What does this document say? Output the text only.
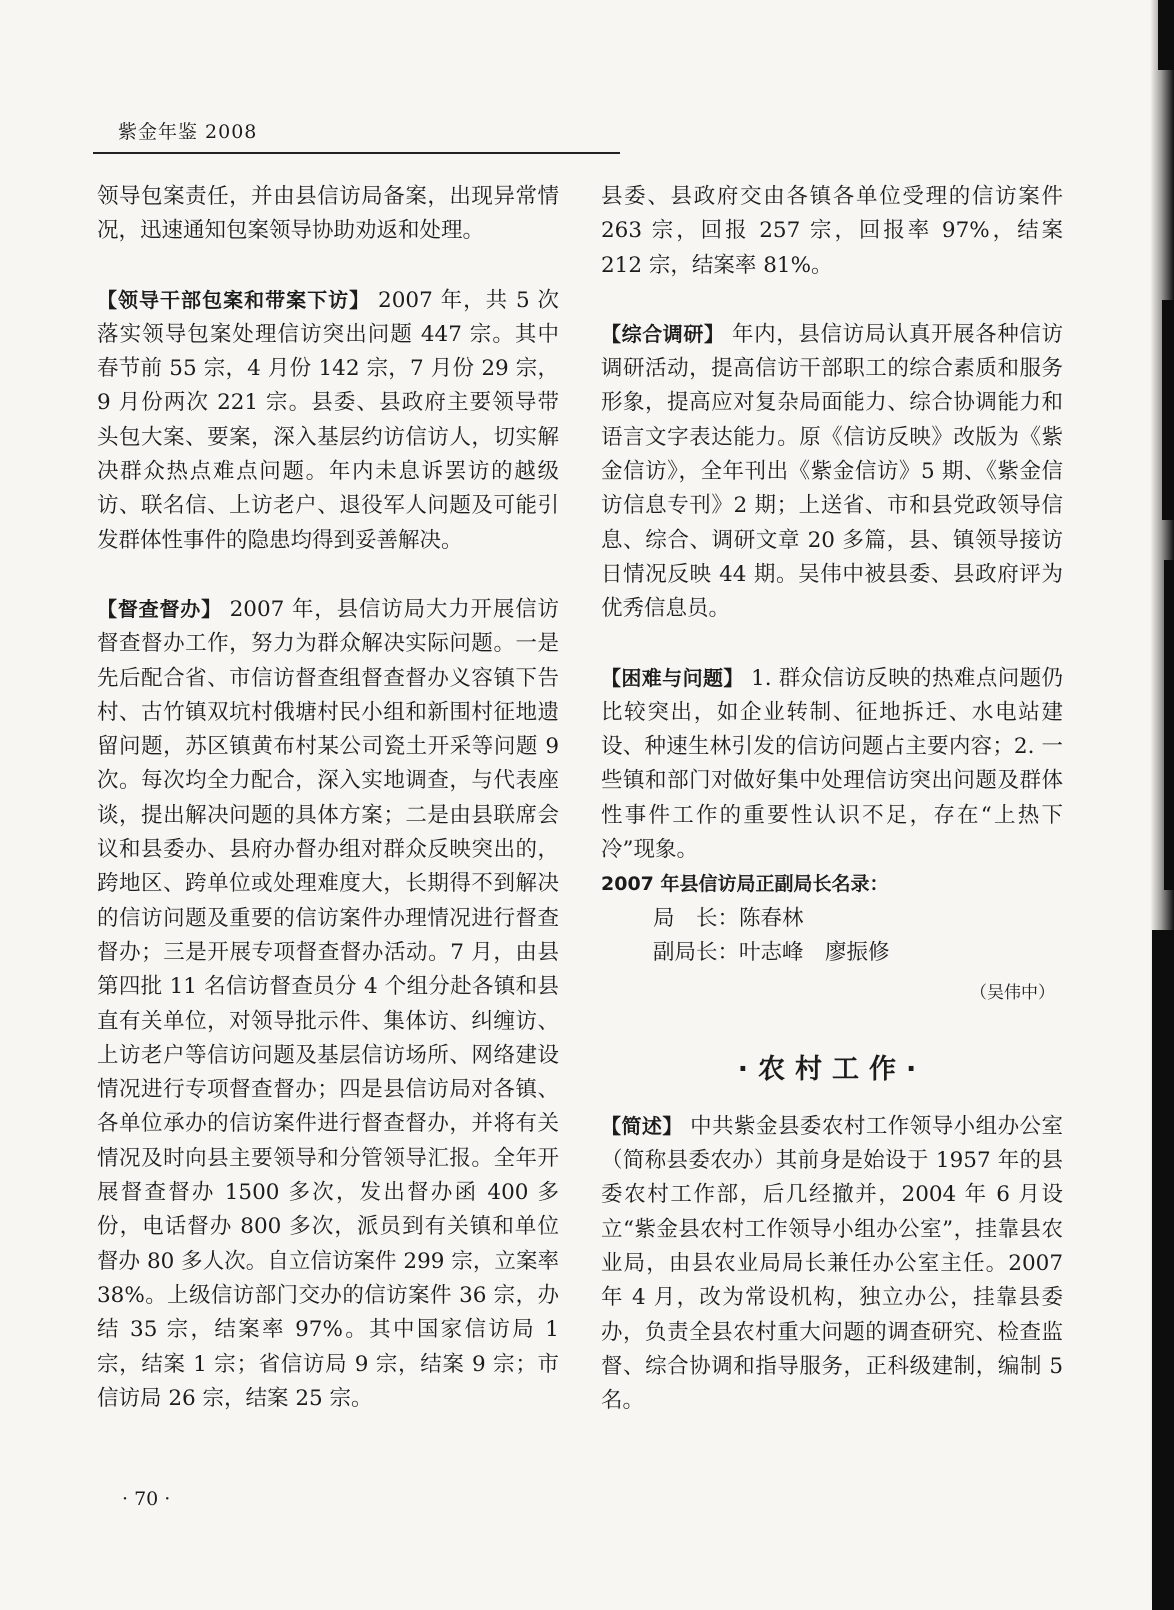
紫金年鉴 2008

领导包案责任，并由县信访局备案，出现异常情况，迅速通知包案领导协助劝返和处理。

【领导干部包案和带案下访】 2007 年，共 5 次落实领导包案处理信访突出问题 447 宗。其中春节前 55 宗，4 月份 142 宗，7 月份 29 宗，9 月份两次 221 宗。县委、县政府主要领导带头包大案、要案，深入基层约访信访人，切实解决群众热点难点问题。年内未息诉罢访的越级访、联名信、上访老户、退役军人问题及可能引发群体性事件的隐患均得到妥善解决。

【督查督办】 2007 年，县信访局大力开展信访督查督办工作，努力为群众解决实际问题。一是先后配合省、市信访督查组督查督办义容镇下告村、古竹镇双坑村俄塘村民小组和新围村征地遗留问题，苏区镇黄布村某公司瓷土开采等问题 9 次。每次均全力配合，深入实地调查，与代表座谈，提出解决问题的具体方案；二是由县联席会议和县委办、县府办督办组对群众反映突出的，跨地区、跨单位或处理难度大，长期得不到解决的信访问题及重要的信访案件办理情况进行督查督办；三是开展专项督查督办活动。7 月，由县第四批 11 名信访督查员分 4 个组分赴各镇和县直有关单位，对领导批示件、集体访、纠缠访、上访老户等信访问题及基层信访场所、网络建设情况进行专项督查督办；四是县信访局对各镇、各单位承办的信访案件进行督查督办，并将有关情况及时向县主要领导和分管领导汇报。全年开展督查督办 1500 多次，发出督办函 400 多份，电话督办 800 多次，派员到有关镇和单位督办 80 多人次。自立信访案件 299 宗，立案率 38%。上级信访部门交办的信访案件 36 宗，办结 35 宗，结案率 97%。其中国家信访局 1 宗，结案 1 宗；省信访局 9 宗，结案 9 宗；市信访局 26 宗，结案 25 宗。

县委、县政府交由各镇各单位受理的信访案件 263 宗，回报 257 宗，回报率 97%，结案 212 宗，结案率 81%。

【综合调研】 年内，县信访局认真开展各种信访调研活动，提高信访干部职工的综合素质和服务形象，提高应对复杂局面能力、综合协调能力和语言文字表达能力。原《信访反映》改版为《紫金信访》，全年刊出《紫金信访》5 期、《紫金信访信息专刊》2 期；上送省、市和县党政领导信息、综合、调研文章 20 多篇，县、镇领导接访日情况反映 44 期。吴伟中被县委、县政府评为优秀信息员。

【困难与问题】 1. 群众信访反映的热难点问题仍比较突出，如企业转制、征地拆迁、水电站建设、种速生林引发的信访问题占主要内容；2. 一些镇和部门对做好集中处理信访突出问题及群体性事件工作的重要性认识不足，存在“上热下冷”现象。

2007 年县信访局正副局长名录：
局　长：陈春林
副局长：叶志峰　廖振修
（吴伟中）
·农村工作·

【简述】 中共紫金县委农村工作领导小组办公室（简称县委农办）其前身是始设于 1957 年的县委农村工作部，后几经撤并，2004 年 6 月设立“紫金县农村工作领导小组办公室”，挂靠县农业局，由县农业局局长兼任办公室主任。2007 年 4 月，改为常设机构，独立办公，挂靠县委办，负责全县农村重大问题的调查研究、检查监督、综合协调和指导服务，正科级建制，编制 5 名。

· 70 ·
